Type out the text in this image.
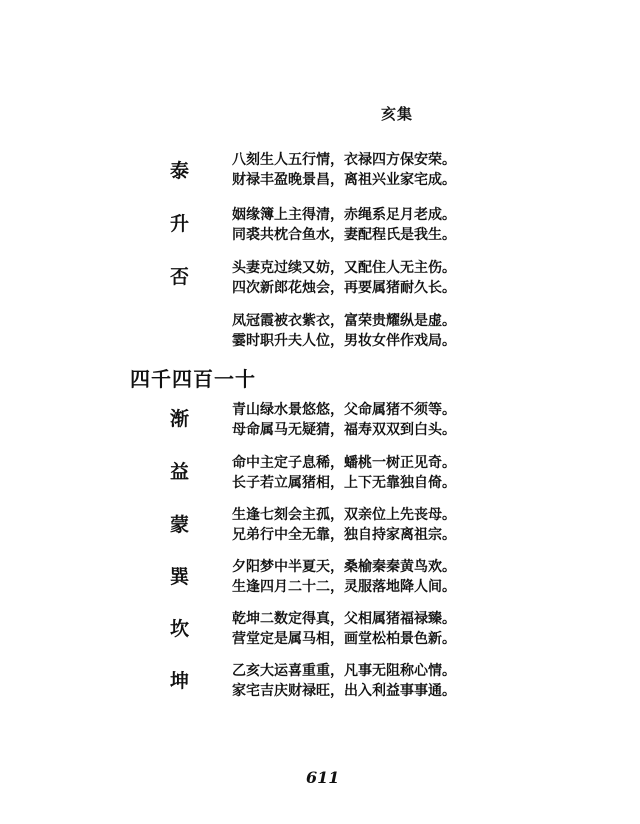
亥集
泰
升
否
八刻生人五行情，衣禄四方保安荣。
财禄丰盈晚景昌，离祖兴业家宅成。
姻缘簿上主得清，赤绳系足月老成。
同裘共枕合鱼水，妻配程氏是我生。
头妻克过续又妨，又配住人无主伤。
四次新郎花烛会，再要属猪耐久长。
凤冠霞被衣紫衣，富荣贵耀纵是虚。
霎时职升夫人位，男妆女伴作戏局。
四千四百一十
渐
益
蒙
巽
坎
坤
青山绿水景悠悠，父命属猪不须等。
母命属马无疑猜，福寿双双到白头。
命中主定子息稀，蟠桃一树正见奇。
长子若立属猪相，上下无靠独自倚。
生逢七刻会主孤，双亲位上先丧母。
兄弟行中全无靠，独自持家离祖宗。
夕阳梦中半夏天，桑榆秦秦黄鸟欢。
生逢四月二十二，灵服落地降人间。
乾坤二数定得真，父相属猪福禄臻。
营堂定是属马相，画堂松柏景色新。
乙亥大运喜重重，凡事无阻称心情。
家宅吉庆财禄旺，出入利益事事通。
611
